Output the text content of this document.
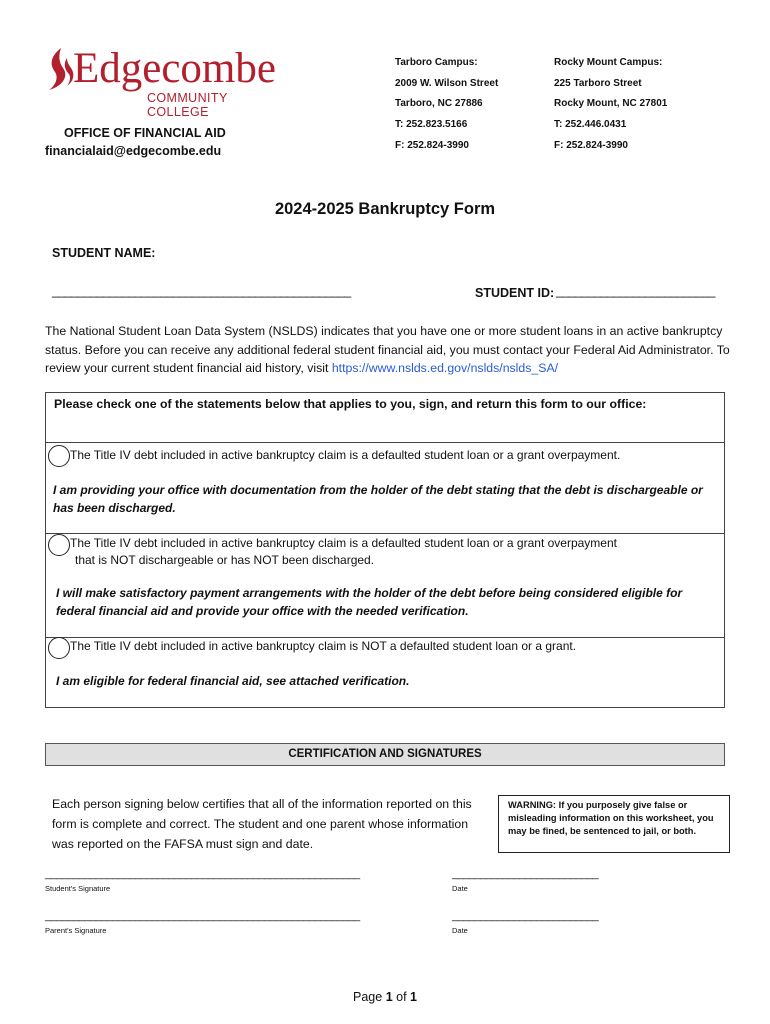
Edgecombe
COMMUNITY COLLEGE
OFFICE OF FINANCIAL AID
financialaid@edgecombe.edu
Tarboro Campus:
2009 W. Wilson Street
Tarboro, NC 27886
T: 252.823.5166
F: 252.824-3990
Rocky Mount Campus:
225 Tarboro Street
Rocky Mount, NC 27801
T: 252.446.0431
F: 252.824-3990
2024-2025 Bankruptcy Form
STUDENT NAME:
_______________________________________________	STUDENT ID: _________________________
The National Student Loan Data System (NSLDS) indicates that you have one or more student loans in an active bankruptcy status. Before you can receive any additional federal student financial aid, you must contact your Federal Aid Administrator. To review your current student financial aid history, visit https://www.nslds.ed.gov/nslds/nslds_SA/
Please check one of the statements below that applies to you, sign, and return this form to our office:
The Title IV debt included in active bankruptcy claim is a defaulted student loan or a grant overpayment.
I am providing your office with documentation from the holder of the debt stating that the debt is dischargeable or has been discharged.
The Title IV debt included in active bankruptcy claim is a defaulted student loan or a grant overpayment
that is NOT dischargeable or has NOT been discharged.
I will make satisfactory payment arrangements with the holder of the debt before being considered eligible for federal financial aid and provide your office with the needed verification.
The Title IV debt included in active bankruptcy claim is NOT a defaulted student loan or a grant.
I am eligible for federal financial aid, see attached verification.
CERTIFICATION AND SIGNATURES
Each person signing below certifies that all of the information reported on this form is complete and correct. The student and one parent whose information was reported on the FAFSA must sign and date.
WARNING: If you purposely give false or misleading information on this worksheet, you may be fined, be sentenced to jail, or both.
________________________________________________________
Student's Signature
__________________________
Date
________________________________________________________
Parent's Signature
__________________________
Date
Page 1 of 1
